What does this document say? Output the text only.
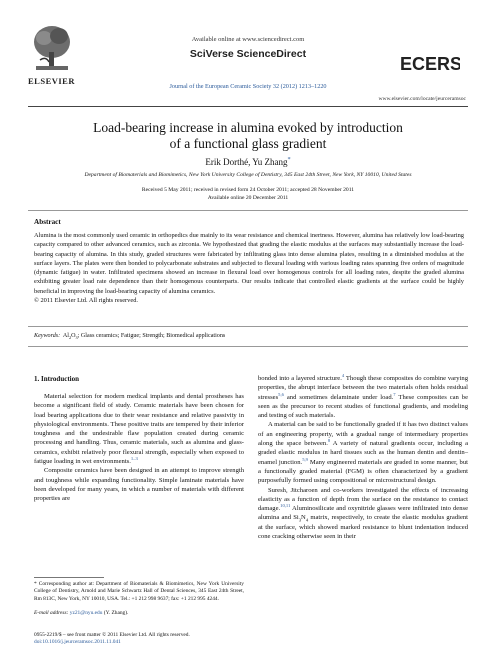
ELSEVIER
Available online at www.sciencedirect.com
SciVerse ScienceDirect
Journal of the European Ceramic Society 32 (2012) 1213–1220
ECERS
www.elsevier.com/locate/jeurceramsoc
Load-bearing increase in alumina evoked by introduction
of a functional glass gradient
Erik Dorthé, Yu Zhang*
Department of Biomaterials and Biomimetics, New York University College of Dentistry, 345 East 24th Street, New York, NY 10010, United States
Received 5 May 2011; received in revised form 24 October 2011; accepted 28 November 2011
Available online 20 December 2011
Abstract
Alumina is the most commonly used ceramic in orthopedics due mainly to its wear resistance and chemical inertness. However, alumina has relatively low load-bearing capacity compared to other advanced ceramics, such as zirconia. We hypothesized that grading the elastic modulus at the surfaces may substantially increase the load-bearing capacity of alumina. In this study, graded structures were fabricated by infiltrating glass into dense alumina plates, resulting in a diminished modulus at the surface layers. The plates were then bonded to polycarbonate substrates and subjected to flexural loading with various loading rates spanning five orders of magnitude (dynamic fatigue) in water. Infiltrated specimens showed an increase in flexural load over homogenous controls for all loading rates, despite the graded alumina exhibiting greater load rate dependence than their homogenous counterparts. Our results indicate that controlled elastic gradients at the surface could be highly beneficial in improving the load-bearing capacity of alumina ceramics.
© 2011 Elsevier Ltd. All rights reserved.
Keywords: $Al_2O_3$; Glass ceramics; Fatigue; Strength; Biomedical applications
1. Introduction

Material selection for modern medical implants and dental prostheses has become a significant field of study. Ceramic materials have been chosen for load bearing applications due to their wear resistance and relative passivity in physiological environments. These positive traits are tempered by their inferior toughness and the undesirable flaw population created during ceramic processing and handling. Thus, ceramic materials, such as alumina and glass-ceramics, exhibit relatively poor flexural strength, especially when exposed to fatigue loading in wet environments.$^{1-3}$

Composite ceramics have been designed in an attempt to improve strength and toughness while expanding functionality. Simple laminate materials have been developed for many years, in which a number of materials with different properties are

bonded into a layered structure.$^4$ Though these composites do combine varying properties, the abrupt interface between the two materials often holds residual stresses$^{5,6}$ and sometimes delaminate under load.$^7$ These composites can be seen as the precursor to recent studies of functional gradients, and modeling and testing of such materials.

A material can be said to be functionally graded if it has two distinct values of an engineering property, with a gradual range of intermediary properties along the space between.$^8$ A variety of natural gradients occur, including a graded elastic modulus in hard tissues such as the human dentin and dentin–enamel junction.$^{5,9}$ Many engineered materials are graded in some manner, but a functionally graded material (FGM) is often characterized by a gradient purposefully formed using compositional or microstructural design.

Suresh, Jitcharoen and co-workers investigated the effects of increasing elasticity as a function of depth from the surface on the resistance to contact damage.$^{10,11}$ Aluminosilicate and oxynitride glasses were infiltrated into dense alumina and $Si_3N_4$ matrix, respectively, to create the elastic modulus gradient at the surface, which showed marked resistance to blunt indentation induced cone cracking otherwise seen in their

* Corresponding author at: Department of Biomaterials & Biomimetics, New York University College of Dentistry, Arnold and Marie Schwartz Hall of Dental Sciences, 345 East 24th Street, Rm 813C, New York, NY 10010, USA. Tel.: +1 212 998 9637; fax: +1 212 995 4244.
E-mail address: yz21@nyu.edu (Y. Zhang).
0955-2219/$ – see front matter © 2011 Elsevier Ltd. All rights reserved.
doi:10.1016/j.jeurceramsoc.2011.11.041
